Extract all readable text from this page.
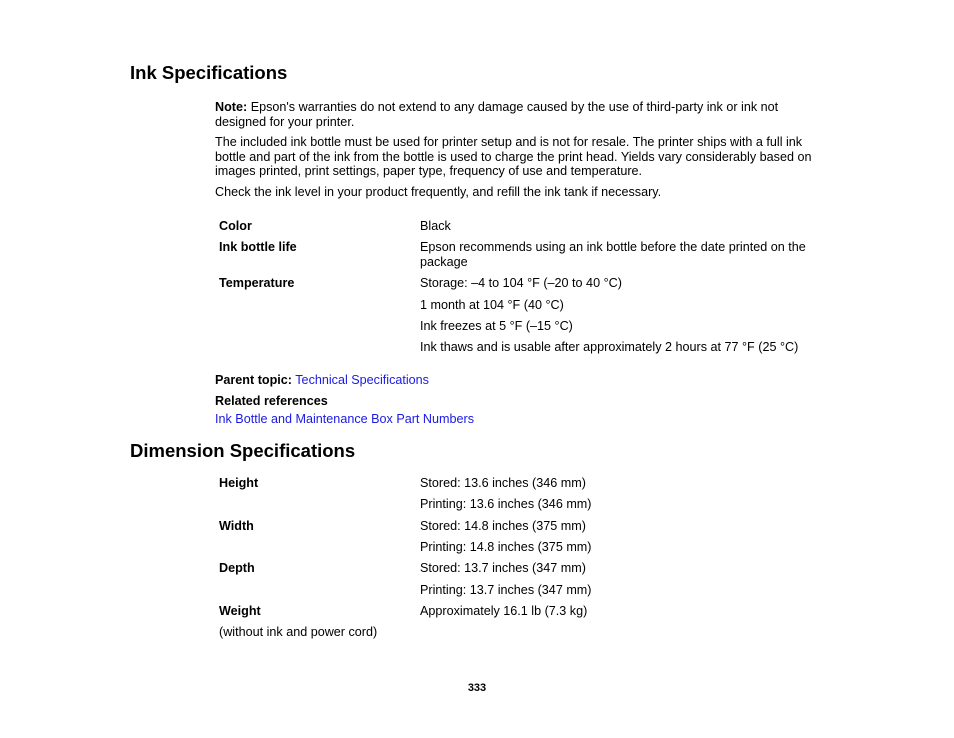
Ink Specifications

Note: Epson's warranties do not extend to any damage caused by the use of third-party ink or ink not designed for your printer.

The included ink bottle must be used for printer setup and is not for resale. The printer ships with a full ink bottle and part of the ink from the bottle is used to charge the print head. Yields vary considerably based on images printed, print settings, paper type, frequency of use and temperature.

Check the ink level in your product frequently, and refill the ink tank if necessary.

Color	Black
Ink bottle life	Epson recommends using an ink bottle before the date printed on the package
Temperature	Storage: –4 to 104 °F (–20 to 40 °C)
1 month at 104 °F (40 °C)
Ink freezes at 5 °F (–15 °C)
Ink thaws and is usable after approximately 2 hours at 77 °F (25 °C)

Parent topic: Technical Specifications

Related references

Ink Bottle and Maintenance Box Part Numbers

Dimension Specifications
Height	Stored: 13.6 inches (346 mm)
Printing: 13.6 inches (346 mm)
Width	Stored: 14.8 inches (375 mm)
Printing: 14.8 inches (375 mm)
Depth	Stored: 13.7 inches (347 mm)
Printing: 13.7 inches (347 mm)
Weight	Approximately 16.1 lb (7.3 kg)
(without ink and power cord)
333
